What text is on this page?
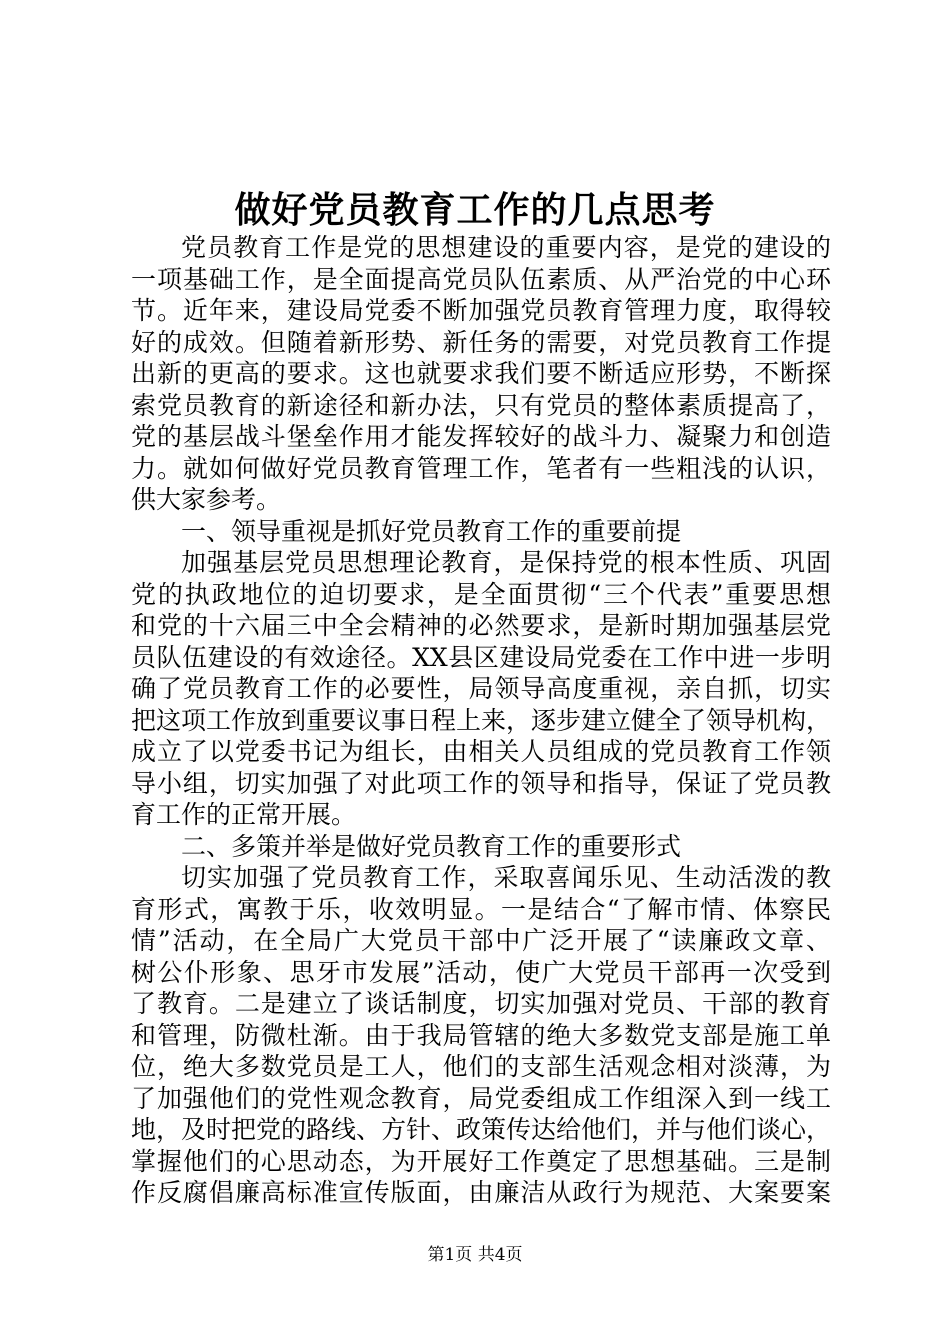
做好党员教育工作的几点思考
党员教育工作是党的思想建设的重要内容，是党的建设的
一项基础工作，是全面提高党员队伍素质、从严治党的中心环
节。近年来，建设局党委不断加强党员教育管理力度，取得较
好的成效。但随着新形势、新任务的需要，对党员教育工作提
出新的更高的要求。这也就要求我们要不断适应形势，不断探
索党员教育的新途径和新办法，只有党员的整体素质提高了，
党的基层战斗堡垒作用才能发挥较好的战斗力、凝聚力和创造
力。就如何做好党员教育管理工作，笔者有一些粗浅的认识，
供大家参考。
一、领导重视是抓好党员教育工作的重要前提
加强基层党员思想理论教育，是保持党的根本性质、巩固
党的执政地位的迫切要求，是全面贯彻“三个代表”重要思想
和党的十六届三中全会精神的必然要求，是新时期加强基层党
员队伍建设的有效途径。XX县区建设局党委在工作中进一步明
确了党员教育工作的必要性，局领导高度重视，亲自抓，切实
把这项工作放到重要议事日程上来，逐步建立健全了领导机构，
成立了以党委书记为组长，由相关人员组成的党员教育工作领
导小组，切实加强了对此项工作的领导和指导，保证了党员教
育工作的正常开展。
二、多策并举是做好党员教育工作的重要形式
切实加强了党员教育工作，采取喜闻乐见、生动活泼的教
育形式，寓教于乐，收效明显。一是结合“了解市情、体察民
情”活动，在全局广大党员干部中广泛开展了“读廉政文章、
树公仆形象、思牙市发展”活动，使广大党员干部再一次受到
了教育。二是建立了谈话制度，切实加强对党员、干部的教育
和管理，防微杜渐。由于我局管辖的绝大多数党支部是施工单
位，绝大多数党员是工人，他们的支部生活观念相对淡薄，为
了加强他们的党性观念教育，局党委组成工作组深入到一线工
地，及时把党的路线、方针、政策传达给他们，并与他们谈心，
掌握他们的心思动态，为开展好工作奠定了思想基础。三是制
作反腐倡廉高标准宣传版面，由廉洁从政行为规范、大案要案
第1页 共4页
